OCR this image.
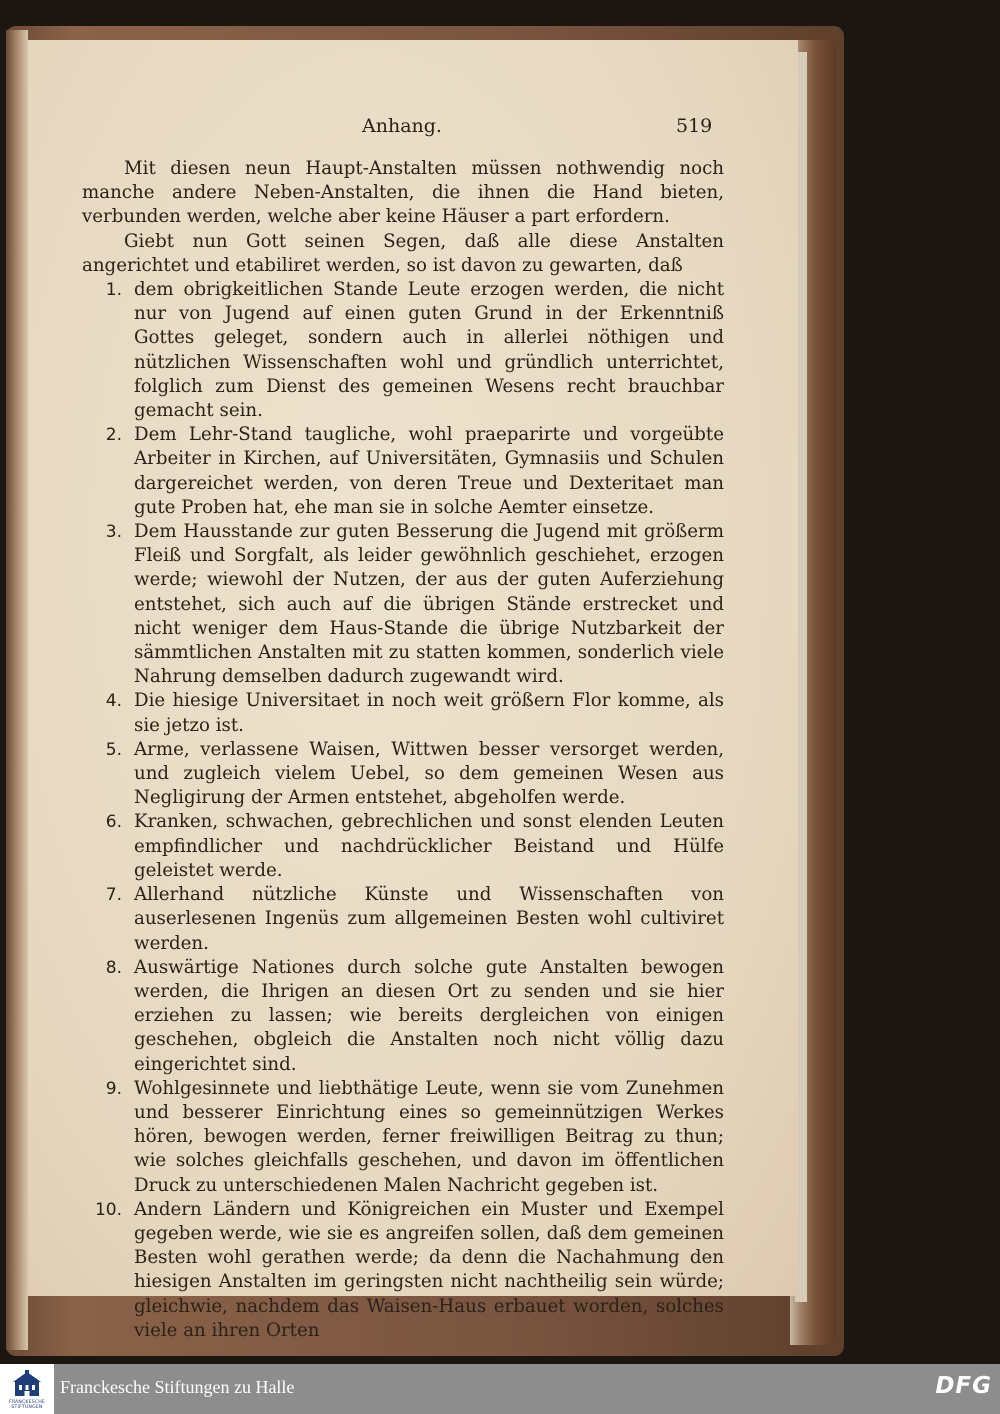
Anhang.	519

Mit diesen neun Haupt-Anstalten müssen nothwendig noch manche andere Neben-Anstalten, die ihnen die Hand bieten, verbunden werden, welche aber keine Häuser a part erfordern.

Giebt nun Gott seinen Segen, daß alle diese Anstalten angerichtet und etabiliret werden, so ist davon zu gewarten, daß

1. dem obrigkeitlichen Stande Leute erzogen werden, die nicht nur von Jugend auf einen guten Grund in der Erkenntniß Gottes geleget, sondern auch in allerlei nöthigen und nützlichen Wissenschaften wohl und gründlich unterrichtet, folglich zum Dienst des gemeinen Wesens recht brauchbar gemacht sein.
2. Dem Lehr-Stand taugliche, wohl praeparirte und vorgeübte Arbeiter in Kirchen, auf Universitäten, Gymnasiis und Schulen dargereichet werden, von deren Treue und Dexteritaet man gute Proben hat, ehe man sie in solche Aemter einsetze.
3. Dem Hausstande zur guten Besserung die Jugend mit größerm Fleiß und Sorgfalt, als leider gewöhnlich geschiehet, erzogen werde; wiewohl der Nutzen, der aus der guten Auferziehung entstehet, sich auch auf die übrigen Stände erstrecket und nicht weniger dem Haus-Stande die übrige Nutzbarkeit der sämmtlichen Anstalten mit zu statten kommen, sonderlich viele Nahrung demselben dadurch zugewandt wird.
4. Die hiesige Universitaet in noch weit größern Flor komme, als sie jetzo ist.
5. Arme, verlassene Waisen, Wittwen besser versorget werden, und zugleich vielem Uebel, so dem gemeinen Wesen aus Negligirung der Armen entstehet, abgeholfen werde.
6. Kranken, schwachen, gebrechlichen und sonst elenden Leuten empfindlicher und nachdrücklicher Beistand und Hülfe geleistet werde.
7. Allerhand nützliche Künste und Wissenschaften von auserlesenen Ingenüs zum allgemeinen Besten wohl cultiviret werden.
8. Auswärtige Nationes durch solche gute Anstalten bewogen werden, die Ihrigen an diesen Ort zu senden und sie hier erziehen zu lassen; wie bereits dergleichen von einigen geschehen, obgleich die Anstalten noch nicht völlig dazu eingerichtet sind.
9. Wohlgesinnete und liebthätige Leute, wenn sie vom Zunehmen und besserer Einrichtung eines so gemeinnützigen Werkes hören, bewogen werden, ferner freiwilligen Beitrag zu thun; wie solches gleichfalls geschehen, und davon im öffentlichen Druck zu unterschiedenen Malen Nachricht gegeben ist.
10. Andern Ländern und Königreichen ein Muster und Exempel gegeben werde, wie sie es angreifen sollen, daß dem gemeinen Besten wohl gerathen werde; da denn die Nachahmung den hiesigen Anstalten im geringsten nicht nachtheilig sein würde; gleichwie, nachdem das Waisen-Haus erbauet worden, solches viele an ihren Orten
FRANCKESCHE
STIFTUNGEN
Franckesche Stiftungen zu Halle	DFG
